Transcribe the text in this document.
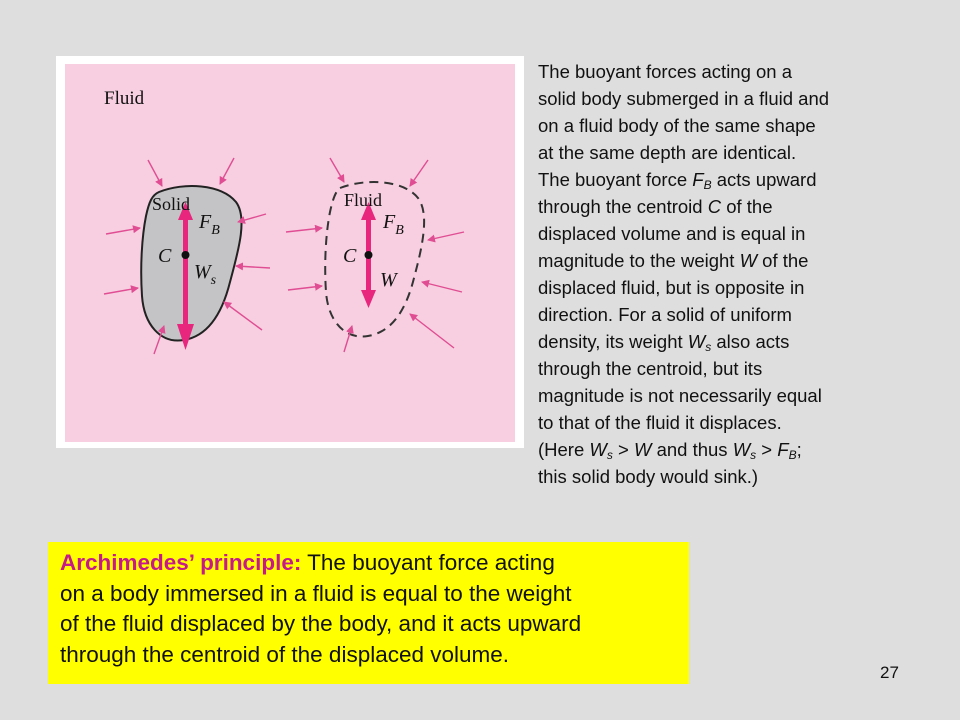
Fluid
Solid	Fluid
C	C
$F_B$	$F_B$
$W_s$	W
The buoyant forces acting on a
solid body submerged in a fluid and
on a fluid body of the same shape
at the same depth are identical.
The buoyant force $F_B$ acts upward
through the centroid C of the
displaced volume and is equal in
magnitude to the weight W of the
displaced fluid, but is opposite in
direction. For a solid of uniform
density, its weight $W_s$ also acts
through the centroid, but its
magnitude is not necessarily equal
to that of the fluid it displaces.
(Here $W_s > W$ and thus $W_s > F_B$;
this solid body would sink.)
Archimedes’ principle: The buoyant force acting
on a body immersed in a fluid is equal to the weight
of the fluid displaced by the body, and it acts upward
through the centroid of the displaced volume.
27
